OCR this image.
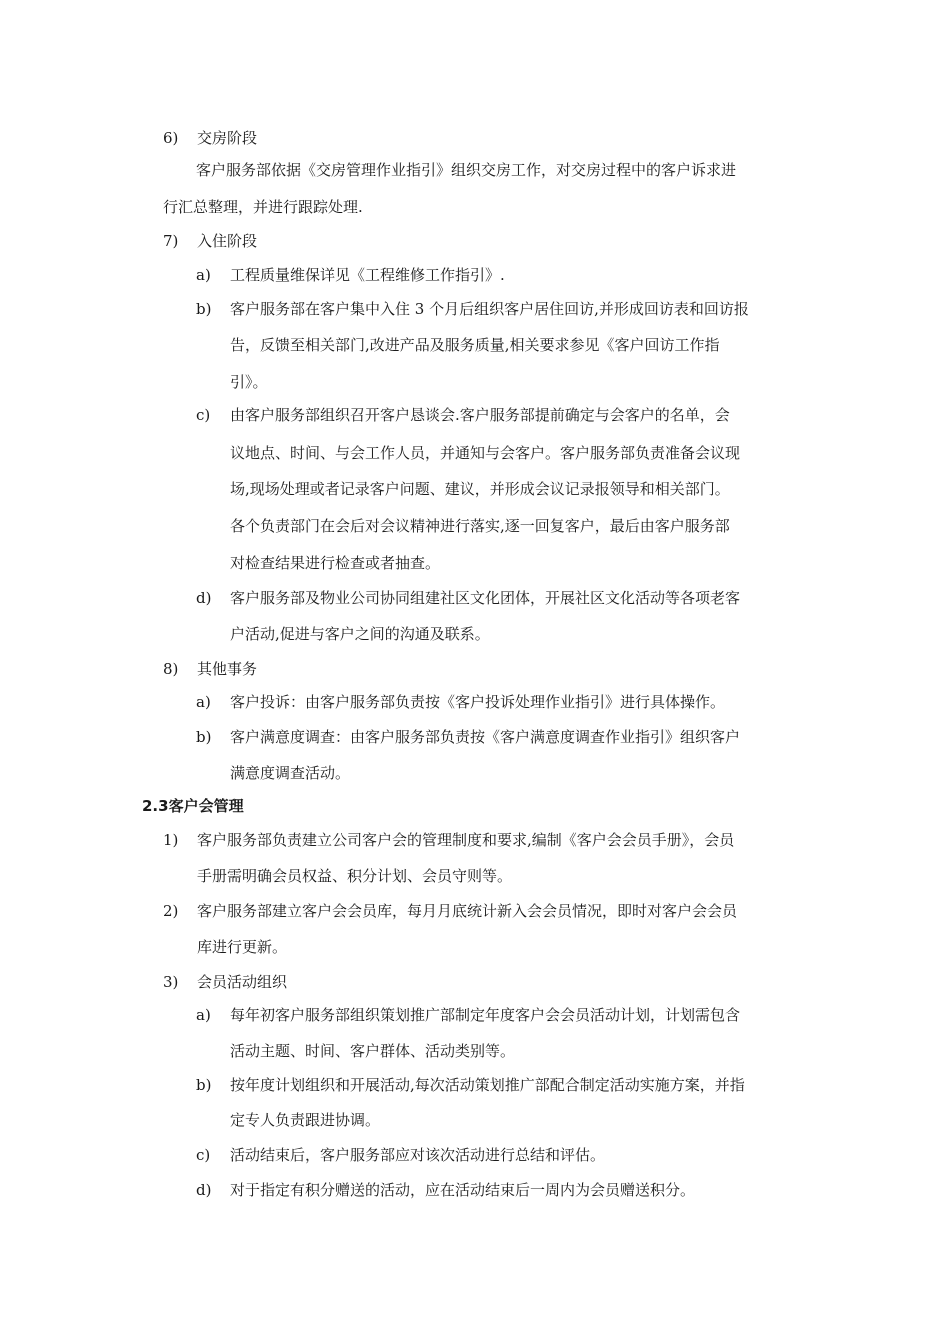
6) 交房阶段
客户服务部依据《交房管理作业指引》组织交房工作，对交房过程中的客户诉求进
行汇总整理，并进行跟踪处理.
7) 入住阶段
a) 工程质量维保详见《工程维修工作指引》.
b) 客户服务部在客户集中入住 3 个月后组织客户居住回访,并形成回访表和回访报
告，反馈至相关部门,改进产品及服务质量,相关要求参见《客户回访工作指
引》。
c) 由客户服务部组织召开客户恳谈会.客户服务部提前确定与会客户的名单，会
议地点、时间、与会工作人员，并通知与会客户。客户服务部负责准备会议现
场,现场处理或者记录客户问题、建议，并形成会议记录报领导和相关部门。
各个负责部门在会后对会议精神进行落实,逐一回复客户，最后由客户服务部
对检查结果进行检查或者抽查。
d) 客户服务部及物业公司协同组建社区文化团体，开展社区文化活动等各项老客
户活动,促进与客户之间的沟通及联系。
8) 其他事务
a) 客户投诉：由客户服务部负责按《客户投诉处理作业指引》进行具体操作。
b) 客户满意度调查：由客户服务部负责按《客户满意度调查作业指引》组织客户
满意度调查活动。
2.3客户会管理
1) 客户服务部负责建立公司客户会的管理制度和要求,编制《客户会会员手册》，会员
手册需明确会员权益、积分计划、会员守则等。
2) 客户服务部建立客户会会员库，每月月底统计新入会会员情况，即时对客户会会员
库进行更新。
3) 会员活动组织
a) 每年初客户服务部组织策划推广部制定年度客户会会员活动计划，计划需包含
活动主题、时间、客户群体、活动类别等。
b) 按年度计划组织和开展活动,每次活动策划推广部配合制定活动实施方案，并指
定专人负责跟进协调。
c) 活动结束后，客户服务部应对该次活动进行总结和评估。
d) 对于指定有积分赠送的活动，应在活动结束后一周内为会员赠送积分。
